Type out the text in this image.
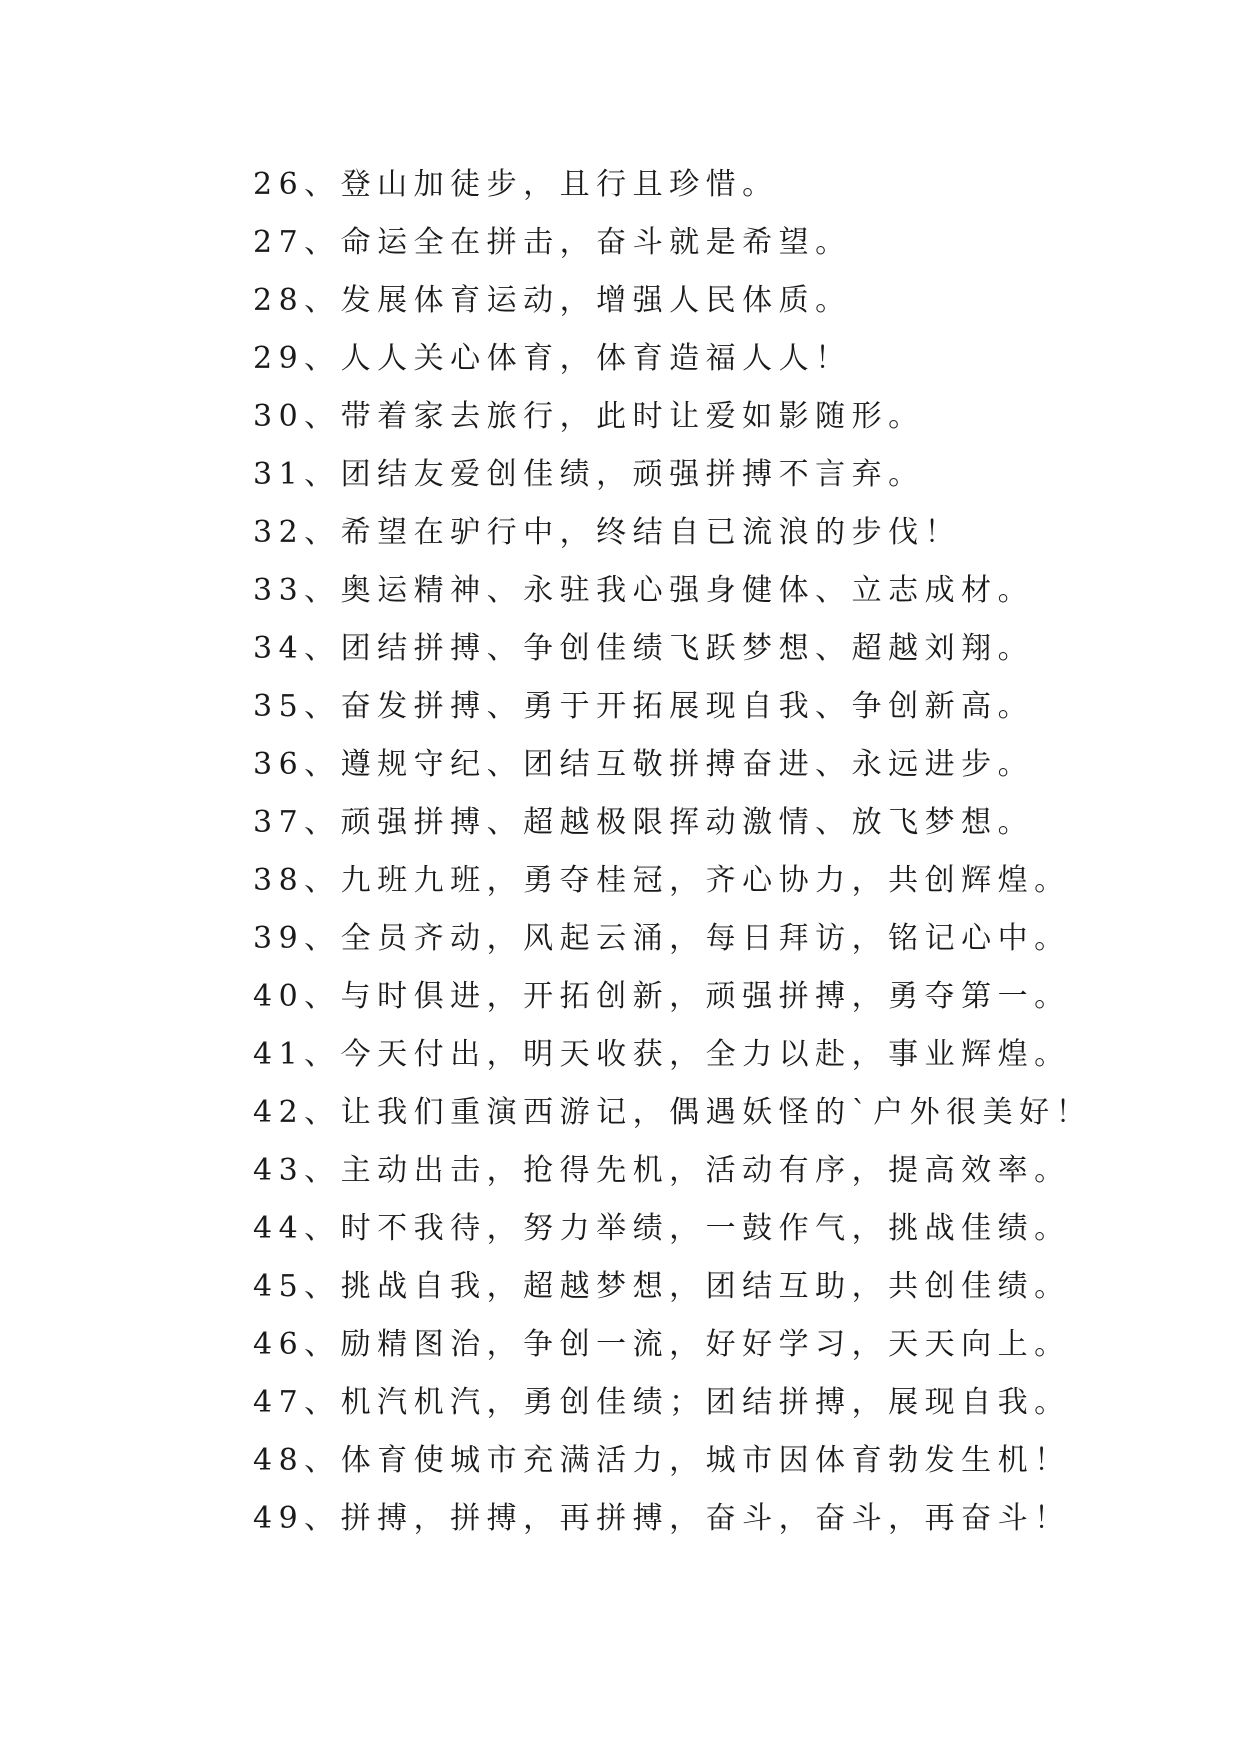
26、登山加徒步，且行且珍惜。
27、命运全在拼击，奋斗就是希望。
28、发展体育运动，增强人民体质。
29、人人关心体育，体育造福人人！
30、带着家去旅行，此时让爱如影随形。
31、团结友爱创佳绩，顽强拼搏不言弃。
32、希望在驴行中，终结自已流浪的步伐！
33、奥运精神、永驻我心强身健体、立志成材。
34、团结拼搏、争创佳绩飞跃梦想、超越刘翔。
35、奋发拼搏、勇于开拓展现自我、争创新高。
36、遵规守纪、团结互敬拼搏奋进、永远进步。
37、顽强拼搏、超越极限挥动激情、放飞梦想。
38、九班九班，勇夺桂冠，齐心协力，共创辉煌。
39、全员齐动，风起云涌，每日拜访，铭记心中。
40、与时俱进，开拓创新，顽强拼搏，勇夺第一。
41、今天付出，明天收获，全力以赴，事业辉煌。
42、让我们重演西游记，偶遇妖怪的`户外很美好！
43、主动出击，抢得先机，活动有序，提高效率。
44、时不我待，努力举绩，一鼓作气，挑战佳绩。
45、挑战自我，超越梦想，团结互助，共创佳绩。
46、励精图治，争创一流，好好学习，天天向上。
47、机汽机汽，勇创佳绩；团结拼搏，展现自我。
48、体育使城市充满活力，城市因体育勃发生机！
49、拼搏，拼搏，再拼搏，奋斗，奋斗，再奋斗！
